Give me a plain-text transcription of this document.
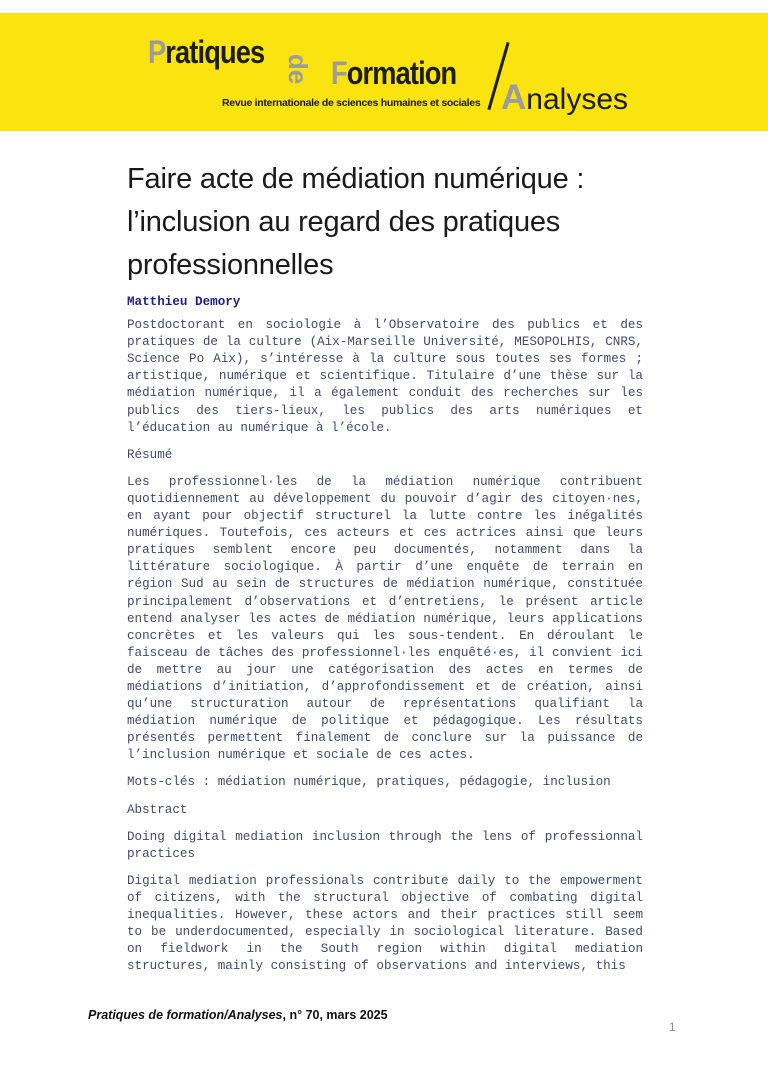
Pratiques de Formation
Analyses
Revue internationale de sciences humaines et sociales
Faire acte de médiation numérique : l’inclusion au regard des pratiques professionnelles

Matthieu Demory

Postdoctorant en sociologie à l’Observatoire des publics et des pratiques de la culture (Aix-Marseille Université, MESOPOLHIS, CNRS, Science Po Aix), s’intéresse à la culture sous toutes ses formes ; artistique, numérique et scientifique. Titulaire d’une thèse sur la médiation numérique, il a également conduit des recherches sur les publics des tiers-lieux, les publics des arts numériques et l’éducation au numérique à l’école.

Résumé

Les professionnel·les de la médiation numérique contribuent quotidiennement au développement du pouvoir d’agir des citoyen·nes, en ayant pour objectif structurel la lutte contre les inégalités numériques. Toutefois, ces acteurs et ces actrices ainsi que leurs pratiques semblent encore peu documentés, notamment dans la littérature sociologique. À partir d’une enquête de terrain en région Sud au sein de structures de médiation numérique, constituée principalement d’observations et d’entretiens, le présent article entend analyser les actes de médiation numérique, leurs applications concrètes et les valeurs qui les sous-tendent. En déroulant le faisceau de tâches des professionnel·les enquêté·es, il convient ici de mettre au jour une catégorisation des actes en termes de médiations d’initiation, d’approfondissement et de création, ainsi qu’une structuration autour de représentations qualifiant la médiation numérique de politique et pédagogique. Les résultats présentés permettent finalement de conclure sur la puissance de l’inclusion numérique et sociale de ces actes.

Mots-clés : médiation numérique, pratiques, pédagogie, inclusion

Abstract

Doing digital mediation inclusion through the lens of professionnal practices

Digital mediation professionals contribute daily to the empowerment of citizens, with the structural objective of combating digital inequalities. However, these actors and their practices still seem to be underdocumented, especially in sociological literature. Based on fieldwork in the South region within digital mediation structures, mainly consisting of observations and interviews, this

Pratiques de formation/Analyses, n° 70, mars 2025
1
